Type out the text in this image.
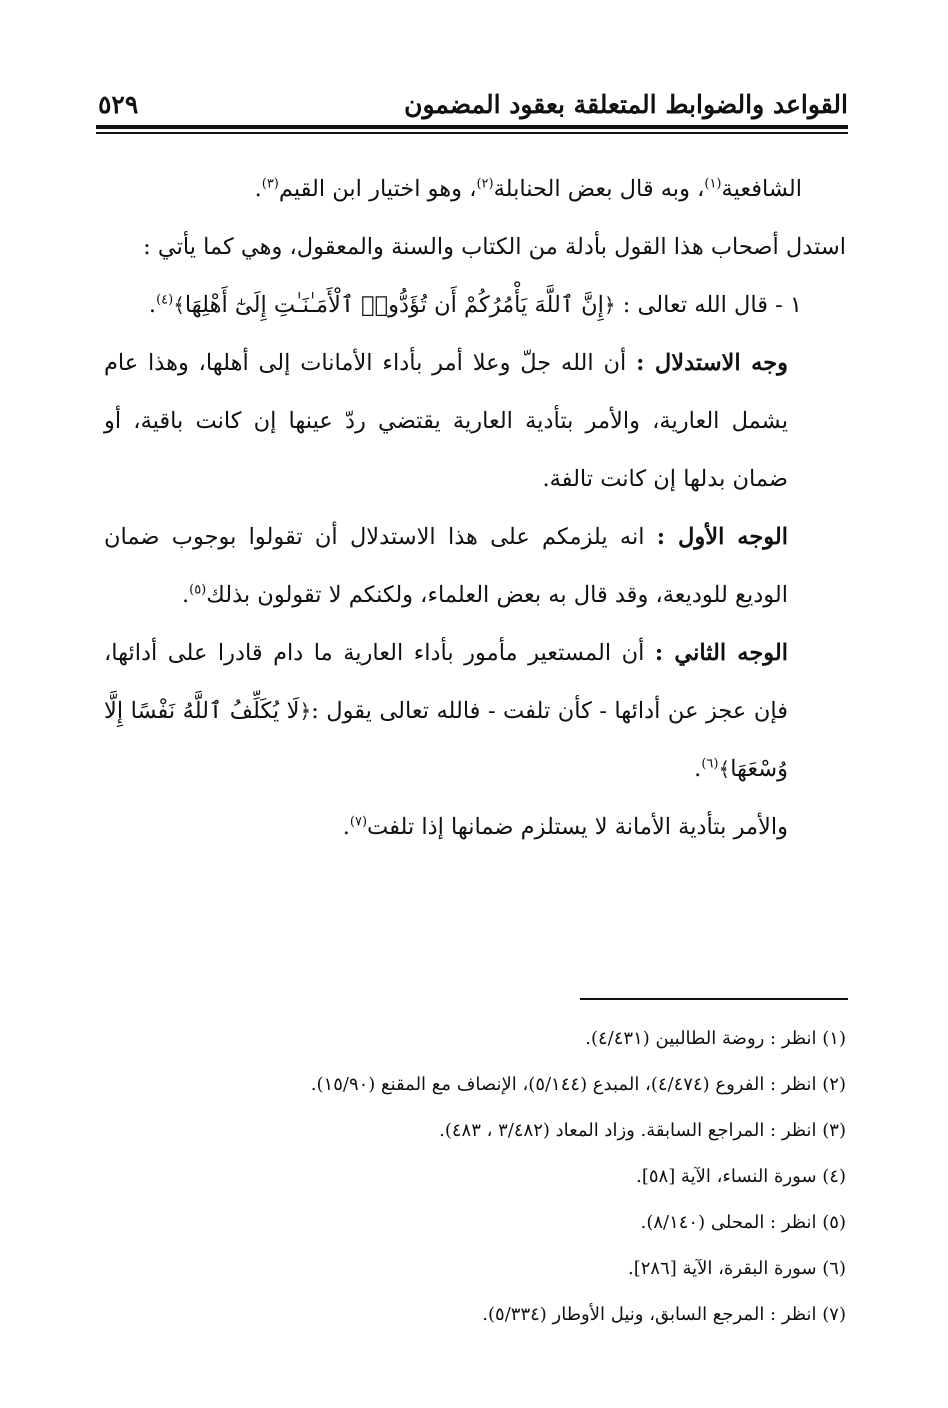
القواعد والضوابط المتعلقة بعقود المضمون
٥٢٩

الشافعية$^{(١)}$، وبه قال بعض الحنابلة$^{(٢)}$، وهو اختيار ابن القيم$^{(٣)}$.

استدل أصحاب هذا القول بأدلة من الكتاب والسنة والمعقول، وهي كما يأتي :

١ - قال الله تعالى : ﴿إِنَّ ٱللَّهَ يَأْمُرُكُمْ أَن تُؤَدُّوا۟ ٱلْأَمَـٰنَـٰتِ إِلَىٰٓ أَهْلِهَا﴾$^{(٤)}$.

وجه الاستدلال : أن الله جلّ وعلا أمر بأداء الأمانات إلى أهلها، وهذا عام يشمل العارية، والأمر بتأدية العارية يقتضي ردّ عينها إن كانت باقية، أو ضمان بدلها إن كانت تالفة.

الوجه الأول : انه يلزمكم على هذا الاستدلال أن تقولوا بوجوب ضمان الوديع للوديعة، وقد قال به بعض العلماء، ولكنكم لا تقولون بذلك$^{(٥)}$.

الوجه الثاني : أن المستعير مأمور بأداء العارية ما دام قادرا على أدائها، فإن عجز عن أدائها - كأن تلفت - فالله تعالى يقول :﴿لَا يُكَلِّفُ ٱللَّهُ نَفْسًا إِلَّا وُسْعَهَا﴾$^{(٦)}$.

والأمر بتأدية الأمانة لا يستلزم ضمانها إذا تلفت$^{(٧)}$.

(١) انظر : روضة الطالبين (٤/٤٣١).
(٢) انظر : الفروع (٤/٤٧٤)، المبدع (٥/١٤٤)، الإنصاف مع المقنع (١٥/٩٠).
(٣) انظر : المراجع السابقة. وزاد المعاد (٣/٤٨٢ ، ٤٨٣).
(٤) سورة النساء، الآية [٥٨].
(٥) انظر : المحلى (٨/١٤٠).
(٦) سورة البقرة، الآية [٢٨٦].
(٧) انظر : المرجع السابق، ونيل الأوطار (٥/٣٣٤).
